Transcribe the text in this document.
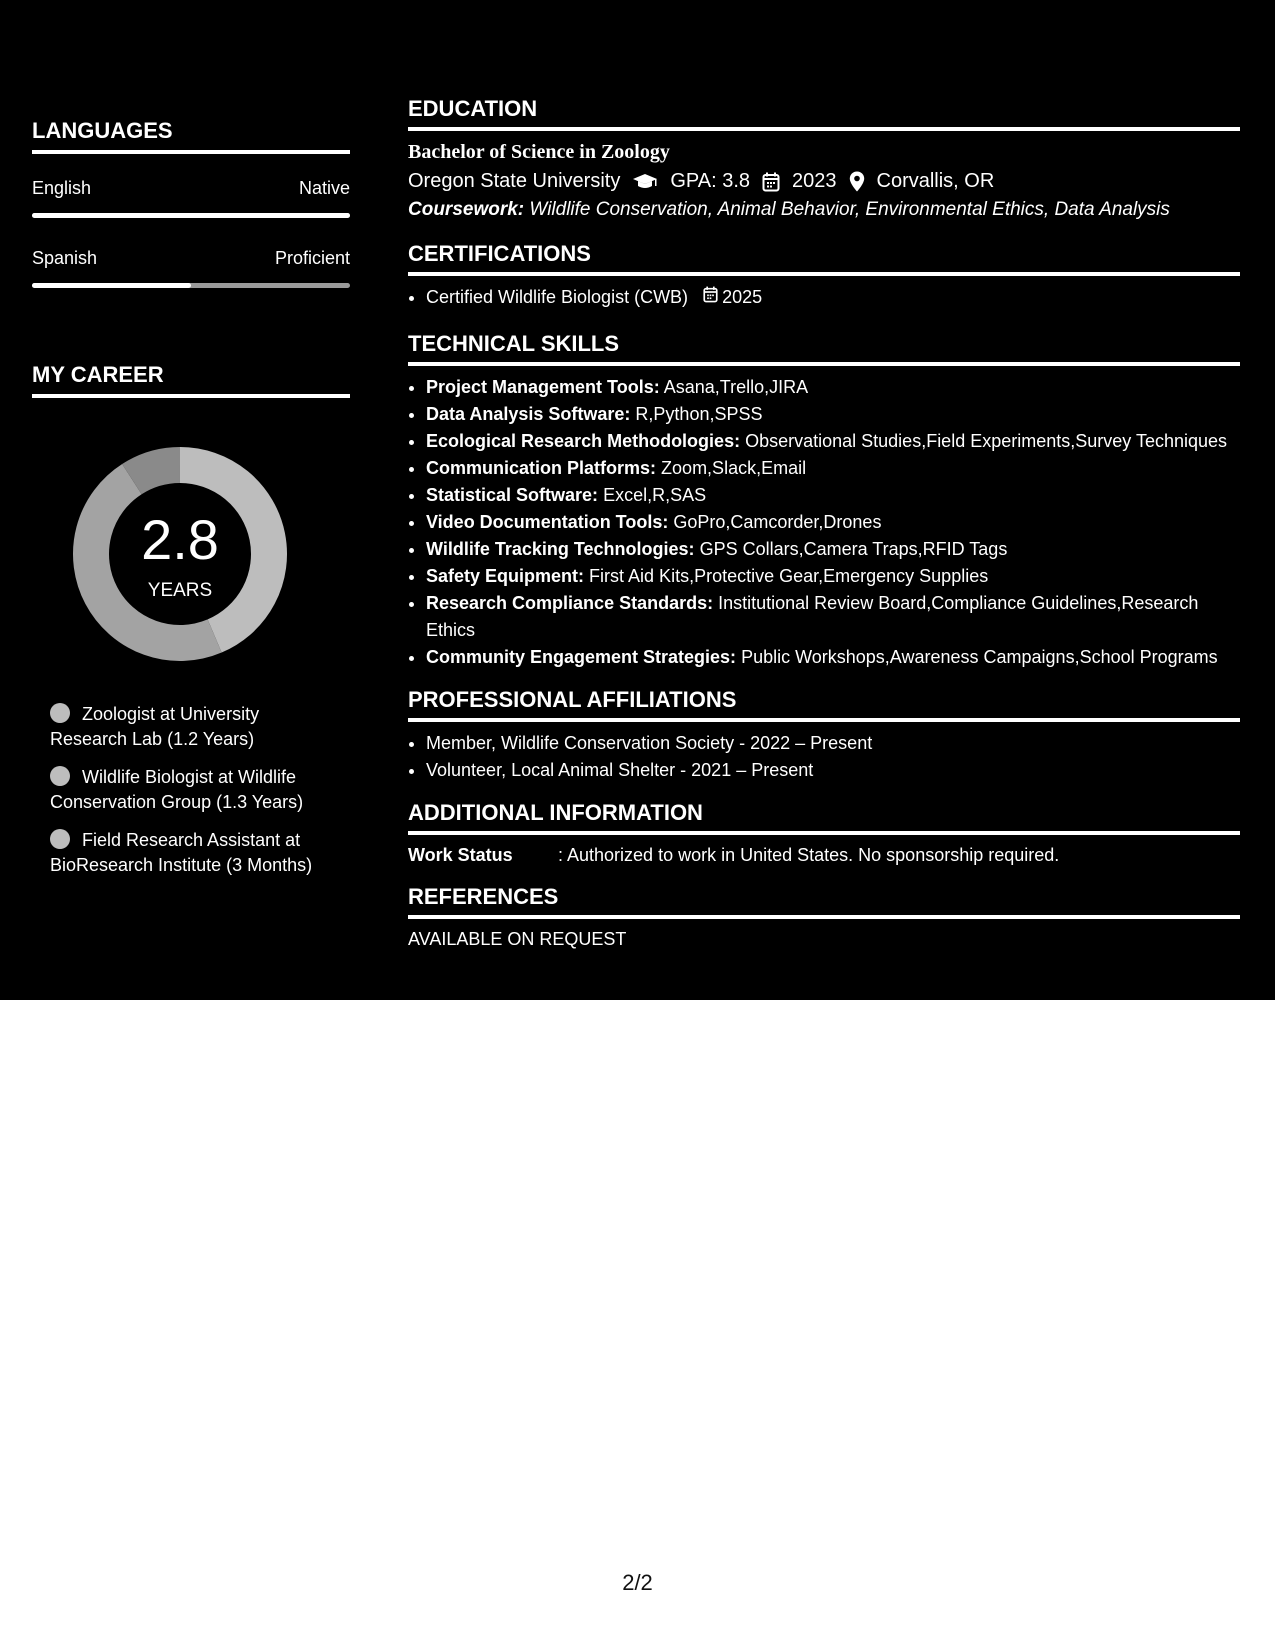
LANGUAGES
English	Native
Spanish	Proficient
MY CAREER
2.8
YEARS
Zoologist at University Research Lab (1.2 Years)
Wildlife Biologist at Wildlife Conservation Group (1.3 Years)
Field Research Assistant at BioResearch Institute (3 Months)
EDUCATION
Bachelor of Science in Zoology
Oregon State University	GPA: 3.8 2023 Corvallis, OR
Coursework: Wildlife Conservation, Animal Behavior, Environmental Ethics, Data Analysis
CERTIFICATIONS
• Certified Wildlife Biologist (CWB) 2025
TECHNICAL SKILLS
• Project Management Tools: Asana,Trello,JIRA
• Data Analysis Software: R,Python,SPSS
• Ecological Research Methodologies: Observational Studies,Field Experiments,Survey Techniques
• Communication Platforms: Zoom,Slack,Email
• Statistical Software: Excel,R,SAS
• Video Documentation Tools: GoPro,Camcorder,Drones
• Wildlife Tracking Technologies: GPS Collars,Camera Traps,RFID Tags
• Safety Equipment: First Aid Kits,Protective Gear,Emergency Supplies
• Research Compliance Standards: Institutional Review Board,Compliance Guidelines,Research Ethics
• Community Engagement Strategies: Public Workshops,Awareness Campaigns,School Programs
PROFESSIONAL AFFILIATIONS
• Member, Wildlife Conservation Society - 2022 – Present
• Volunteer, Local Animal Shelter - 2021 – Present
ADDITIONAL INFORMATION
Work Status	: Authorized to work in United States. No sponsorship required.
REFERENCES
AVAILABLE ON REQUEST
2/2
